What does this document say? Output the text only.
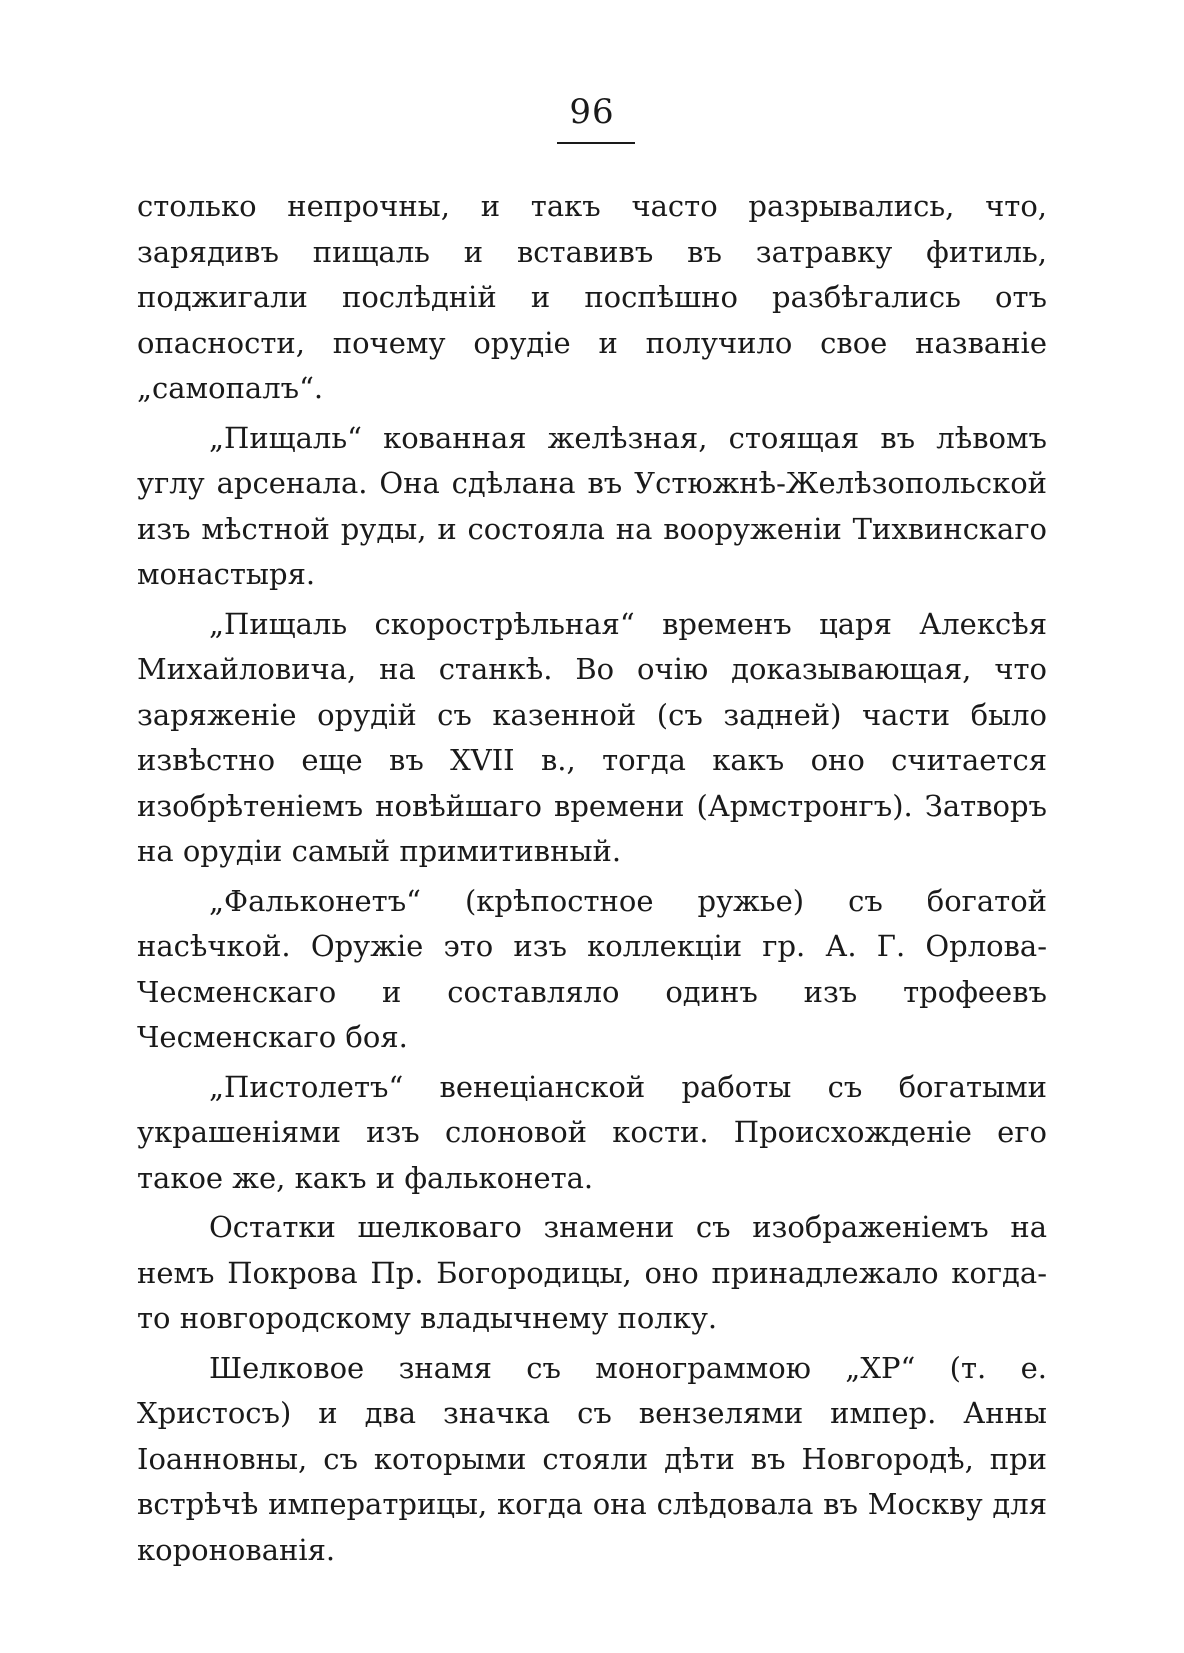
96

столько непрочны, и такъ часто разрывались, что, зарядивъ пищаль и вставивъ въ затравку фитиль, поджигали послѣдній и поспѣшно разбѣгались отъ опасности, почему орудіе и получило свое названіе „самопалъ“.

„Пищаль“ кованная желѣзная, стоящая въ лѣвомъ углу арсенала. Она сдѣлана въ Устюжнѣ-Желѣзопольской изъ мѣстной руды, и состояла на вооруженіи Тихвинскаго монастыря.

„Пищаль скорострѣльная“ временъ царя Алексѣя Михайловича, на станкѣ. Во очію доказывающая, что заряженіе орудій съ казенной (съ задней) части было извѣстно еще въ XVII в., тогда какъ оно считается изобрѣтеніемъ новѣйшаго времени (Армстронгъ). Затворъ на орудіи самый примитивный.

„Фальконетъ“ (крѣпостное ружье) съ богатой насѣчкой. Оружіе это изъ коллекціи гр. А. Г. Орлова-Чесменскаго и составляло одинъ изъ трофеевъ Чесменскаго боя.

„Пистолетъ“ венеціанской работы съ богатыми украшеніями изъ слоновой кости. Происхожденіе его такое же, какъ и фальконета.

Остатки шелковаго знамени съ изображеніемъ на немъ Покрова Пр. Богородицы, оно принадлежало когда-то новгородскому владычнему полку.

Шелковое знамя съ монограммою „ХР“ (т. е. Христосъ) и два значка съ вензелями импер. Анны Іоанновны, съ которыми стояли дѣти въ Новгородѣ, при встрѣчѣ императрицы, когда она слѣдовала въ Москву для коронованія.
